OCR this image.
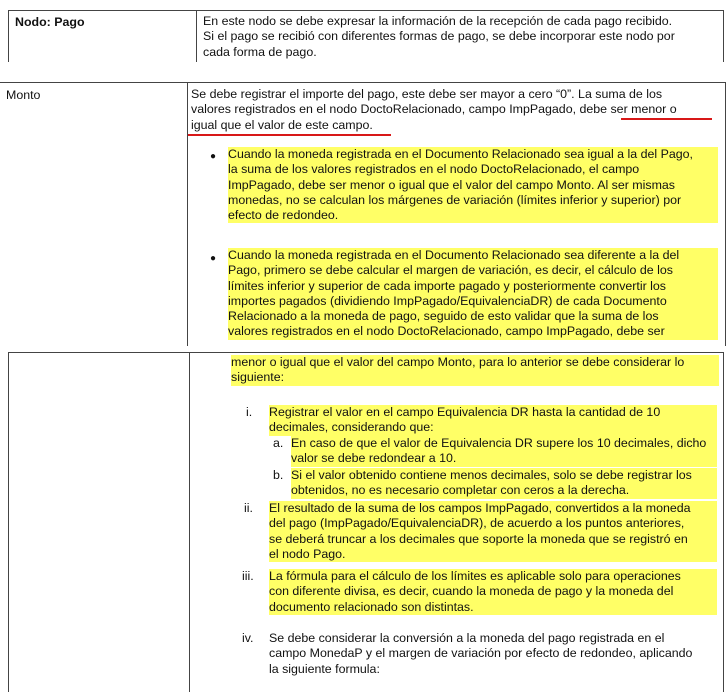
Nodo: Pago	En este nodo se debe expresar la información de la recepción de cada pago recibido.

Si el pago se recibió con diferentes formas de pago, se debe incorporar este nodo por

cada forma de pago.

Monto	Se debe registrar el importe del pago, este debe ser mayor a cero “0”. La suma de los

valores registrados en el nodo DoctoRelacionado, campo ImpPagado, debe ser menor o

igual que el valor de este campo.

● Cuando la moneda registrada en el Documento Relacionado sea igual a la del Pago,

la suma de los valores registrados en el nodo DoctoRelacionado, el campo

ImpPagado, debe ser menor o igual que el valor del campo Monto. Al ser mismas

monedas, no se calculan los márgenes de variación (límites inferior y superior) por

efecto de redondeo.

● Cuando la moneda registrada en el Documento Relacionado sea diferente a la del

Pago, primero se debe calcular el margen de variación, es decir, el cálculo de los

límites inferior y superior de cada importe pagado y posteriormente convertir los

importes pagados (dividiendo ImpPagado/EquivalenciaDR) de cada Documento

Relacionado a la moneda de pago, seguido de esto validar que la suma de los

valores registrados en el nodo DoctoRelacionado, campo ImpPagado, debe ser

menor o igual que el valor del campo Monto, para lo anterior se debe considerar lo

siguiente:

i. Registrar el valor en el campo Equivalencia DR hasta la cantidad de 10

decimales, considerando que:

a. En caso de que el valor de Equivalencia DR supere los 10 decimales, dicho

valor se debe redondear a 10.

b. Si el valor obtenido contiene menos decimales, solo se debe registrar los

obtenidos, no es necesario completar con ceros a la derecha.

ii. El resultado de la suma de los campos ImpPagado, convertidos a la moneda

del pago (ImpPagado/EquivalenciaDR), de acuerdo a los puntos anteriores,

se deberá truncar a los decimales que soporte la moneda que se registró en

el nodo Pago.

iii. La fórmula para el cálculo de los límites es aplicable solo para operaciones

con diferente divisa, es decir, cuando la moneda de pago y la moneda del

documento relacionado son distintas.

iv. Se debe considerar la conversión a la moneda del pago registrada en el

campo MonedaP y el margen de variación por efecto de redondeo, aplicando

la siguiente formula:
